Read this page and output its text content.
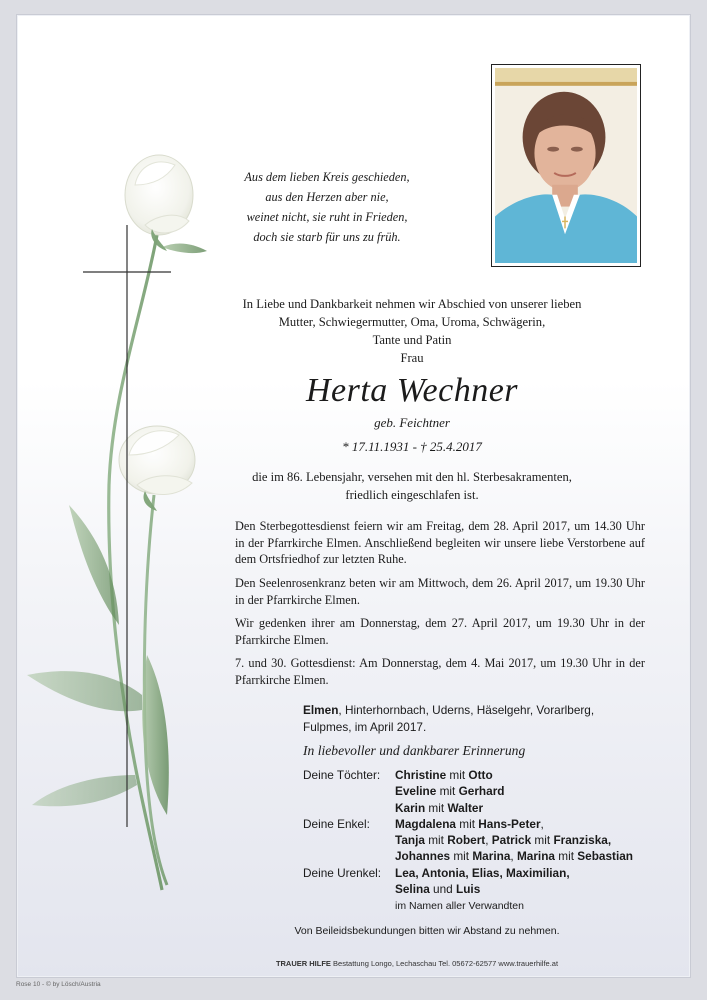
Aus dem lieben Kreis geschieden,
aus den Herzen aber nie,
weinet nicht, sie ruht in Frieden,
doch sie starb für uns zu früh.
In Liebe und Dankbarkeit nehmen wir Abschied von unserer lieben
Mutter, Schwiegermutter, Oma, Uroma, Schwägerin,
Tante und Patin
Frau
Herta Wechner
geb. Feichtner
* 17.11.1931 - † 25.4.2017
die im 86. Lebensjahr, versehen mit den hl. Sterbesakramenten,
friedlich eingeschlafen ist.
Den Sterbegottesdienst feiern wir am Freitag, dem 28. April 2017, um 14.30 Uhr in der Pfarrkirche Elmen. Anschließend begleiten wir unsere liebe Verstorbene auf dem Ortsfriedhof zur letzten Ruhe.
Den Seelenrosenkranz beten wir am Mittwoch, dem 26. April 2017, um 19.30 Uhr in der Pfarrkirche Elmen.
Wir gedenken ihrer am Donnerstag, dem 27. April 2017, um 19.30 Uhr in der Pfarrkirche Elmen.
7. und 30. Gottesdienst: Am Donnerstag, dem 4. Mai 2017, um 19.30 Uhr in der Pfarrkirche Elmen.
Elmen, Hinterhornbach, Uderns, Häselgehr, Vorarlberg,
Fulpmes, im April 2017.
In liebevoller und dankbarer Erinnerung
Deine Töchter:	Christine mit Otto
Eveline mit Gerhard
Karin mit Walter
Deine Enkel:	Magdalena mit Hans-Peter,
Tanja mit Robert, Patrick mit Franziska,
Johannes mit Marina, Marina mit Sebastian
Deine Urenkel:	Lea, Antonia, Elias, Maximilian,
Selina und Luis
im Namen aller Verwandten
Von Beileidsbekundungen bitten wir Abstand zu nehmen.
TRAUER HILFE Bestattung Longo, Lechaschau Tel. 05672-62577 www.trauerhilfe.at
Rose 10 - © by Lösch/Austria
